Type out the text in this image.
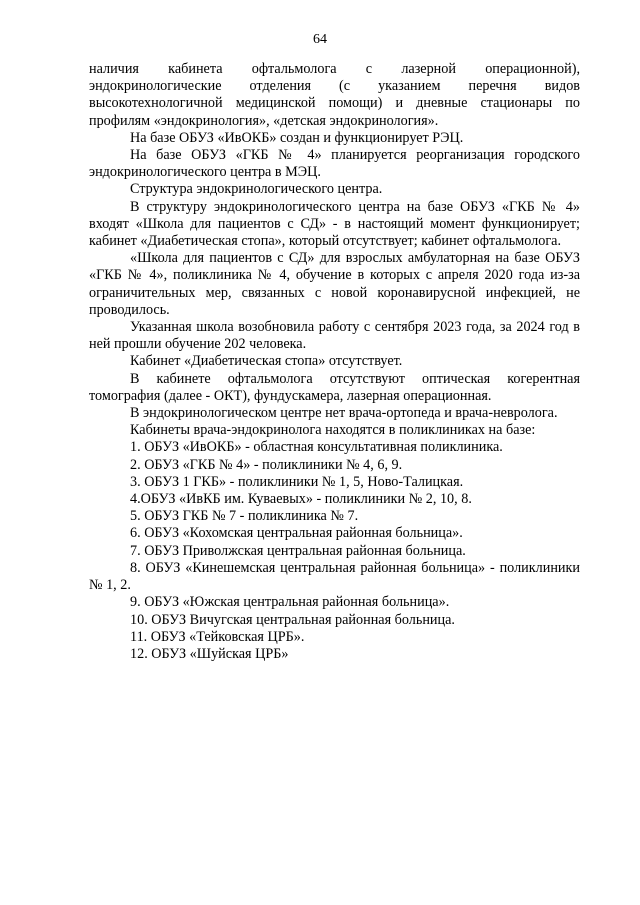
64

наличия кабинета офтальмолога с лазерной операционной), эндокринологические отделения (с указанием перечня видов высокотехнологичной медицинской помощи) и дневные стационары по профилям «эндокринология», «детская эндокринология».

На базе ОБУЗ «ИвОКБ» создан и функционирует РЭЦ.

На базе ОБУЗ «ГКБ № 4» планируется реорганизация городского эндокринологического центра в МЭЦ.

Структура эндокринологического центра.

В структуру эндокринологического центра на базе ОБУЗ «ГКБ № 4» входят «Школа для пациентов с СД» - в настоящий момент функционирует; кабинет «Диабетическая стопа», который отсутствует; кабинет офтальмолога.

«Школа для пациентов с СД» для взрослых амбулаторная на базе ОБУЗ «ГКБ № 4», поликлиника № 4, обучение в которых с апреля 2020 года из-за ограничительных мер, связанных с новой коронавирусной инфекцией, не проводилось.

Указанная школа возобновила работу с сентября 2023 года, за 2024 год в ней прошли обучение 202 человека.

Кабинет «Диабетическая стопа» отсутствует.

В кабинете офтальмолога отсутствуют оптическая когерентная томография (далее - ОКТ), фундускамера, лазерная операционная.

В эндокринологическом центре нет врача-ортопеда и врача-невролога.

Кабинеты врача-эндокринолога находятся в поликлиниках на базе:

1. ОБУЗ «ИвОКБ» - областная консультативная поликлиника.

2. ОБУЗ «ГКБ № 4» - поликлиники № 4, 6, 9.

3. ОБУЗ 1 ГКБ» - поликлиники № 1, 5, Ново-Талицкая.

4.ОБУЗ «ИвКБ им. Куваевых» - поликлиники № 2, 10, 8.

5. ОБУЗ ГКБ № 7 - поликлиника № 7.

6. ОБУЗ «Кохомская центральная районная больница».

7. ОБУЗ Приволжская центральная районная больница.

8. ОБУЗ «Кинешемская центральная районная больница» - поликлиники № 1, 2.

9. ОБУЗ «Южская центральная районная больница».

10. ОБУЗ Вичугская центральная районная больница.

11. ОБУЗ «Тейковская ЦРБ».

12. ОБУЗ «Шуйская ЦРБ»
